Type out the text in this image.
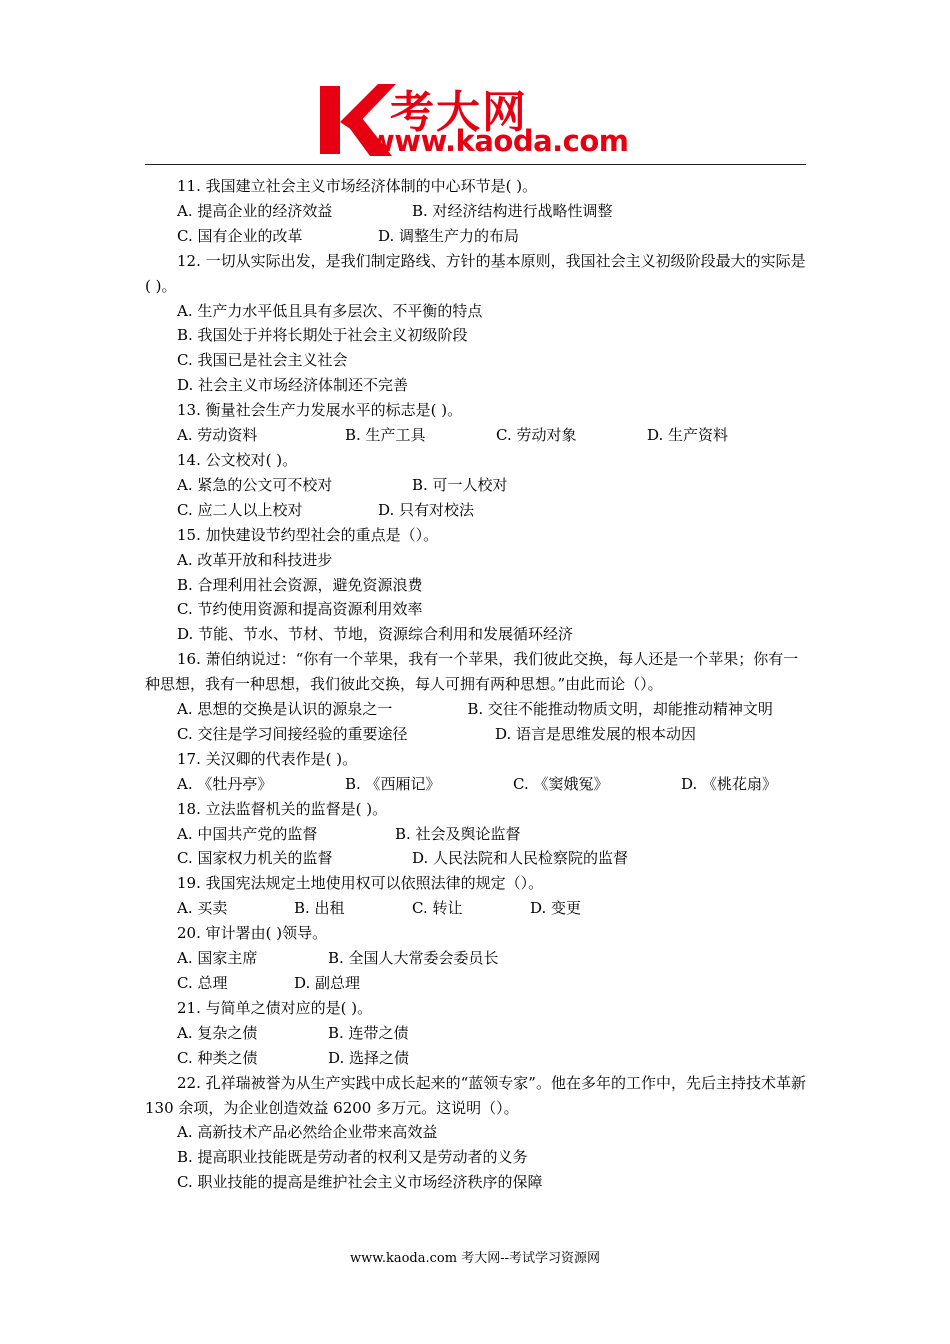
考大网
www.kaoda.com

11. 我国建立社会主义市场经济体制的中心环节是( )。

A. 提高企业的经济效益	B. 对经济结构进行战略性调整

C. 国有企业的改革	D. 调整生产力的布局

12. 一切从实际出发，是我们制定路线、方针的基本原则，我国社会主义初级阶段最大的实际是( )。

A. 生产力水平低且具有多层次、不平衡的特点

B. 我国处于并将长期处于社会主义初级阶段

C. 我国已是社会主义社会

D. 社会主义市场经济体制还不完善

13. 衡量社会生产力发展水平的标志是( )。

A. 劳动资料	B. 生产工具	C. 劳动对象	D. 生产资料

14. 公文校对( )。

A. 紧急的公文可不校对	B. 可一人校对

C. 应二人以上校对	D. 只有对校法

15. 加快建设节约型社会的重点是（）。

A. 改革开放和科技进步

B. 合理利用社会资源，避免资源浪费

C. 节约使用资源和提高资源利用效率

D. 节能、节水、节材、节地，资源综合利用和发展循环经济

16. 萧伯纳说过：“你有一个苹果，我有一个苹果，我们彼此交换，每人还是一个苹果；你有一种思想，我有一种思想，我们彼此交换，每人可拥有两种思想。”由此而论（）。

A. 思想的交换是认识的源泉之一　　　　　B. 交往不能推动物质文明，却能推动精神文明

C. 交往是学习间接经验的重要途径	D. 语言是思维发展的根本动因

17. 关汉卿的代表作是( )。

A. 《牡丹亭》	B. 《西厢记》	C. 《窦娥冤》	D. 《桃花扇》

18. 立法监督机关的监督是( )。

A. 中国共产党的监督	B. 社会及舆论监督

C. 国家权力机关的监督	D. 人民法院和人民检察院的监督

19. 我国宪法规定土地使用权可以依照法律的规定（）。

A. 买卖	B. 出租	C. 转让	D. 变更

20. 审计署由( )领导。

A. 国家主席	B. 全国人大常委会委员长

C. 总理	D. 副总理

21. 与简单之债对应的是( )。

A. 复杂之债	B. 连带之债

C. 种类之债	D. 选择之债

22. 孔祥瑞被誉为从生产实践中成长起来的“蓝领专家”。他在多年的工作中，先后主持技术革新 130 余项，为企业创造效益 6200 多万元。这说明（）。

A. 高新技术产品必然给企业带来高效益

B. 提高职业技能既是劳动者的权利又是劳动者的义务

C. 职业技能的提高是维护社会主义市场经济秩序的保障

www.kaoda.com 考大网--考试学习资源网
